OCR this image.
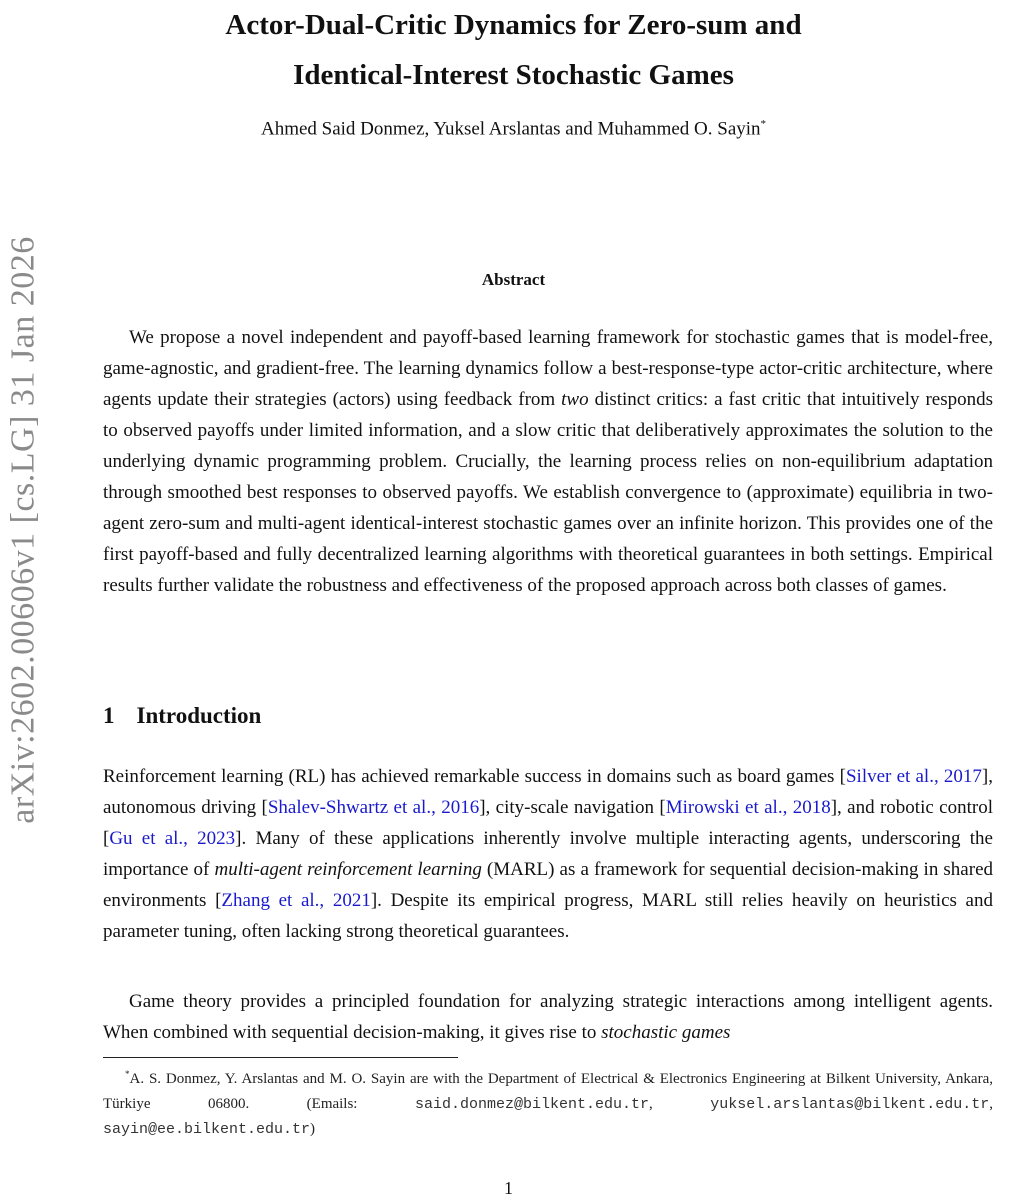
arXiv:2602.00606v1 [cs.LG] 31 Jan 2026
Actor-Dual-Critic Dynamics for Zero-sum and
Identical-Interest Stochastic Games
Ahmed Said Donmez, Yuksel Arslantas and Muhammed O. Sayin*
Abstract

We propose a novel independent and payoff-based learning framework for stochastic games that is model-free, game-agnostic, and gradient-free. The learning dynamics follow a best-response-type actor-critic architecture, where agents update their strategies (actors) using feedback from two distinct critics: a fast critic that intuitively responds to observed payoffs under limited information, and a slow critic that deliberatively approximates the solution to the underlying dynamic programming problem. Crucially, the learning process relies on non-equilibrium adaptation through smoothed best responses to observed payoffs. We establish convergence to (approximate) equilibria in two-agent zero-sum and multi-agent identical-interest stochastic games over an infinite horizon. This provides one of the first payoff-based and fully decentralized learning algorithms with theoretical guarantees in both settings. Empirical results further validate the robustness and effectiveness of the proposed approach across both classes of games.

1 Introduction

Reinforcement learning (RL) has achieved remarkable success in domains such as board games [Silver et al., 2017], autonomous driving [Shalev-Shwartz et al., 2016], city-scale navigation [Mirowski et al., 2018], and robotic control [Gu et al., 2023]. Many of these applications inherently involve multiple interacting agents, underscoring the importance of multi-agent reinforcement learning (MARL) as a framework for sequential decision-making in shared environments [Zhang et al., 2021]. Despite its empirical progress, MARL still relies heavily on heuristics and parameter tuning, often lacking strong theoretical guarantees.

Game theory provides a principled foundation for analyzing strategic interactions among intelligent agents. When combined with sequential decision-making, it gives rise to stochastic games

*A. S. Donmez, Y. Arslantas and M. O. Sayin are with the Department of Electrical & Electronics Engineering at Bilkent University, Ankara, Türkiye 06800. (Emails: said.donmez@bilkent.edu.tr, yuksel.arslantas@bilkent.edu.tr, sayin@ee.bilkent.edu.tr)

1
